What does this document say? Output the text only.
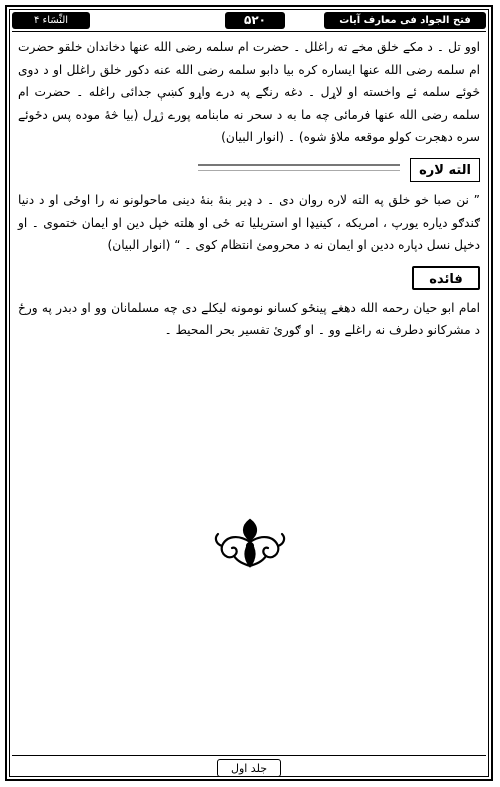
النِّسَاء ۴	۵۲۰	فتح الجواد فی معارف آیات الجهاد

اوو تل ۔ د مکے خلق مخے ته راغلل ۔ حضرت ام سلمه رضی الله عنها دخاندان خلقو حضرت ام سلمه رضی الله عنها ایساره کره بیا دابو سلمه رضی الله عنه دکور خلق راغلل او د دوی څوئے سلمه ئے واخسته او لاړل ۔ دغه رنګے په درے واړو کښې جدائی راغله ۔ حضرت ام سلمه رضی الله عنها فرمائی چه ما به د سحر نه مابنامه پورے ژړل (بیا څهٔ موده پس دځوئے سره دهجرت کولو موقعه ملاؤ شوه) ۔ (انوار البیان)

الته لاره

” نن صبا خو خلق په الته لاره روان دی ۔ د ډیر بنهٔ بنهٔ دینی ماحولونو نه را اوځی او د دنیا ګندګو دیاره یورپ ، امریکه ، کینیډا او استریلیا ته ځی او هلته خپل دین او ایمان ختموی ۔ او دخپل نسل دپاره ددین او ایمان نه د محرومئ انتظام کوی ۔ “ (انوار البیان)

فائده

امام ابو حیان رحمه الله دهغے پینځو کسانو نومونه لیکلے دی چه مسلمانان وو او دبدر په ورځ د مشرکانو دطرف نه راغلے وو ۔ او ګورئ تفسیر بحر المحیط ۔

جلد اول
